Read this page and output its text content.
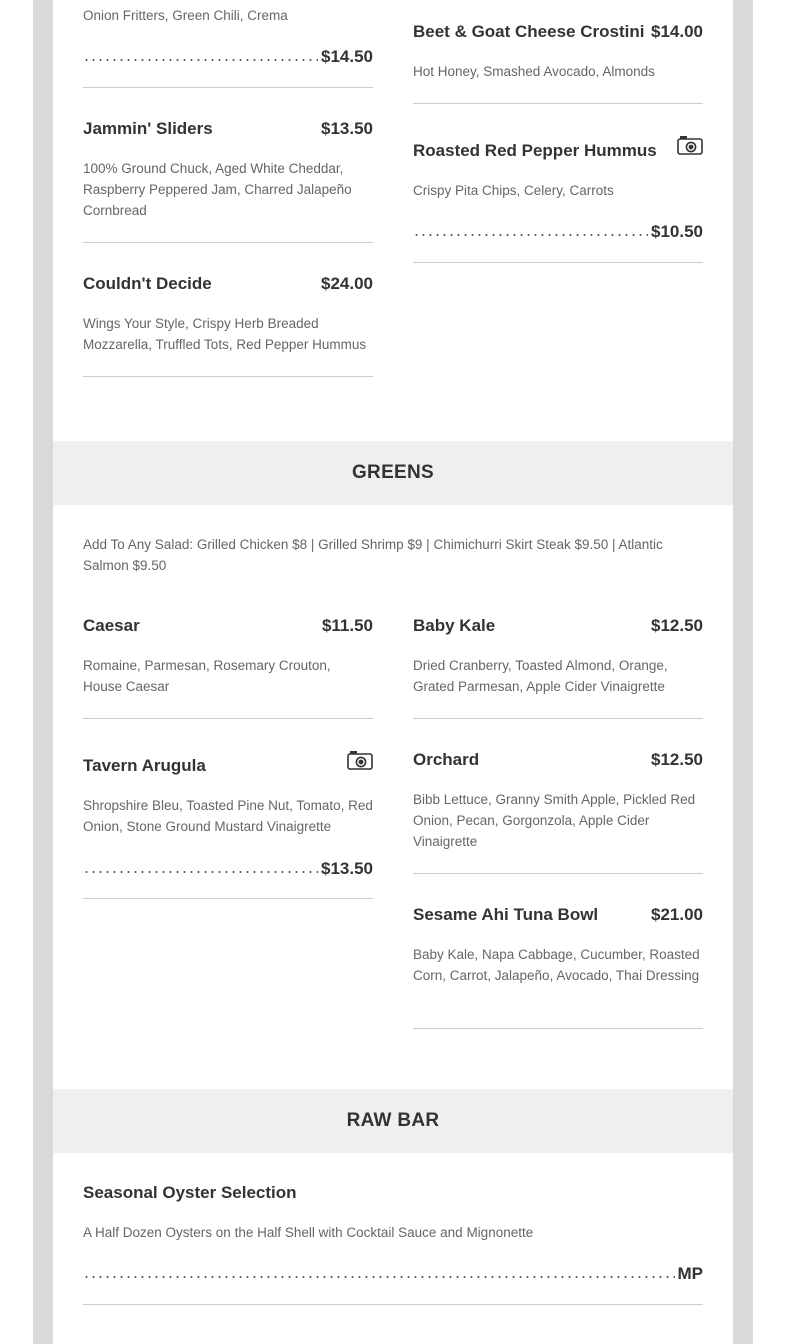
Onion Fritters, Green Chili, Crema
$14.50
Jammin' Sliders	$13.50
100% Ground Chuck, Aged White Cheddar, Raspberry Peppered Jam, Charred Jalapeño Cornbread
Couldn't Decide	$24.00
Wings Your Style, Crispy Herb Breaded Mozzarella, Truffled Tots, Red Pepper Hummus
Beet & Goat Cheese Crostini $14.00
Hot Honey, Smashed Avocado, Almonds
Roasted Red Pepper Hummus
Crispy Pita Chips, Celery, Carrots
$10.50
GREENS
Add To Any Salad: Grilled Chicken $8 | Grilled Shrimp $9 | Chimichurri Skirt Steak $9.50 | Atlantic Salmon $9.50
Caesar	$11.50
Romaine, Parmesan, Rosemary Crouton, House Caesar
Tavern Arugula
Shropshire Bleu, Toasted Pine Nut, Tomato, Red Onion, Stone Ground Mustard Vinaigrette
$13.50
Baby Kale	$12.50
Dried Cranberry, Toasted Almond, Orange, Grated Parmesan, Apple Cider Vinaigrette
Orchard	$12.50
Bibb Lettuce, Granny Smith Apple, Pickled Red Onion, Pecan, Gorgonzola, Apple Cider Vinaigrette
Sesame Ahi Tuna Bowl	$21.00
Baby Kale, Napa Cabbage, Cucumber, Roasted Corn, Carrot, Jalapeño, Avocado, Thai Dressing
RAW BAR
Seasonal Oyster Selection
A Half Dozen Oysters on the Half Shell with Cocktail Sauce and Mignonette
MP
